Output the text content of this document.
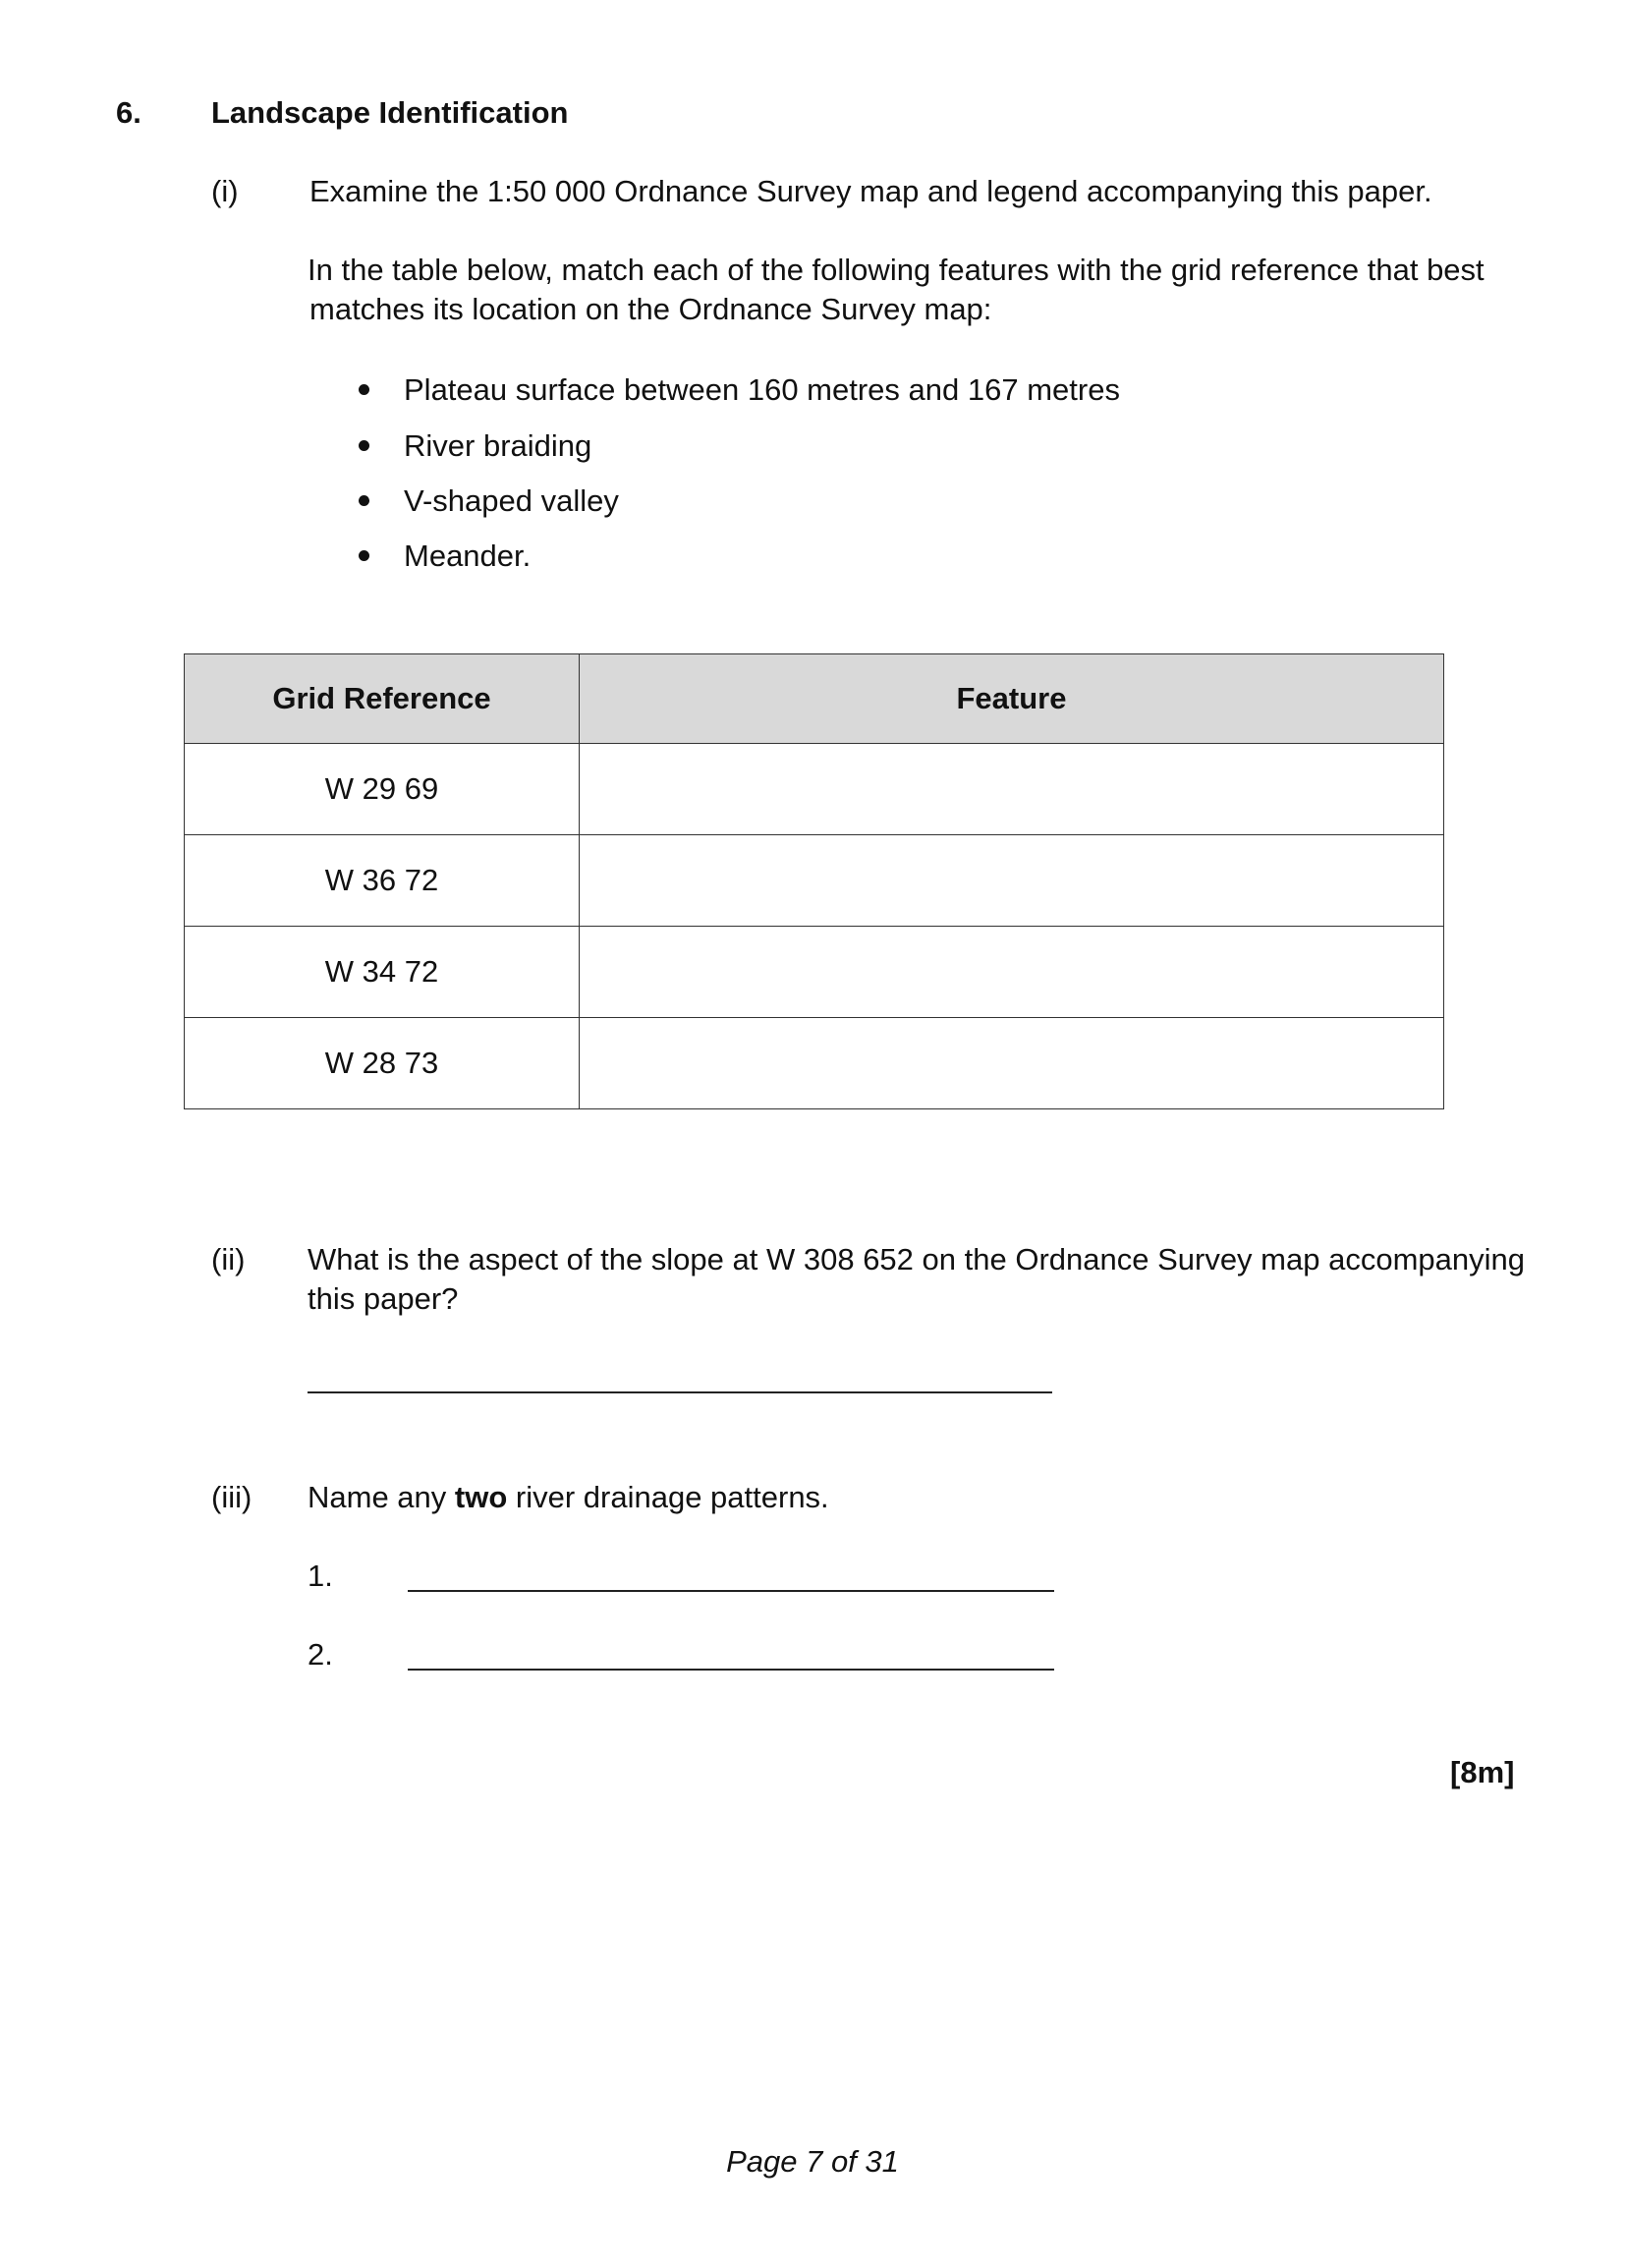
6. Landscape Identification
(i) Examine the 1:50 000 Ordnance Survey map and legend accompanying this paper.
In the table below, match each of the following features with the grid reference that best
matches its location on the Ordnance Survey map:
Plateau surface between 160 metres and 167 metres
River braiding
V-shaped valley
Meander.
Grid Reference	Feature
W 29 69	
W 36 72	
W 34 72	
W 28 73	
(ii) What is the aspect of the slope at W 308 652 on the Ordnance Survey map accompanying
this paper?
(iii) Name any two river drainage patterns.
1.
2.
[8m]
Page 7 of 31
